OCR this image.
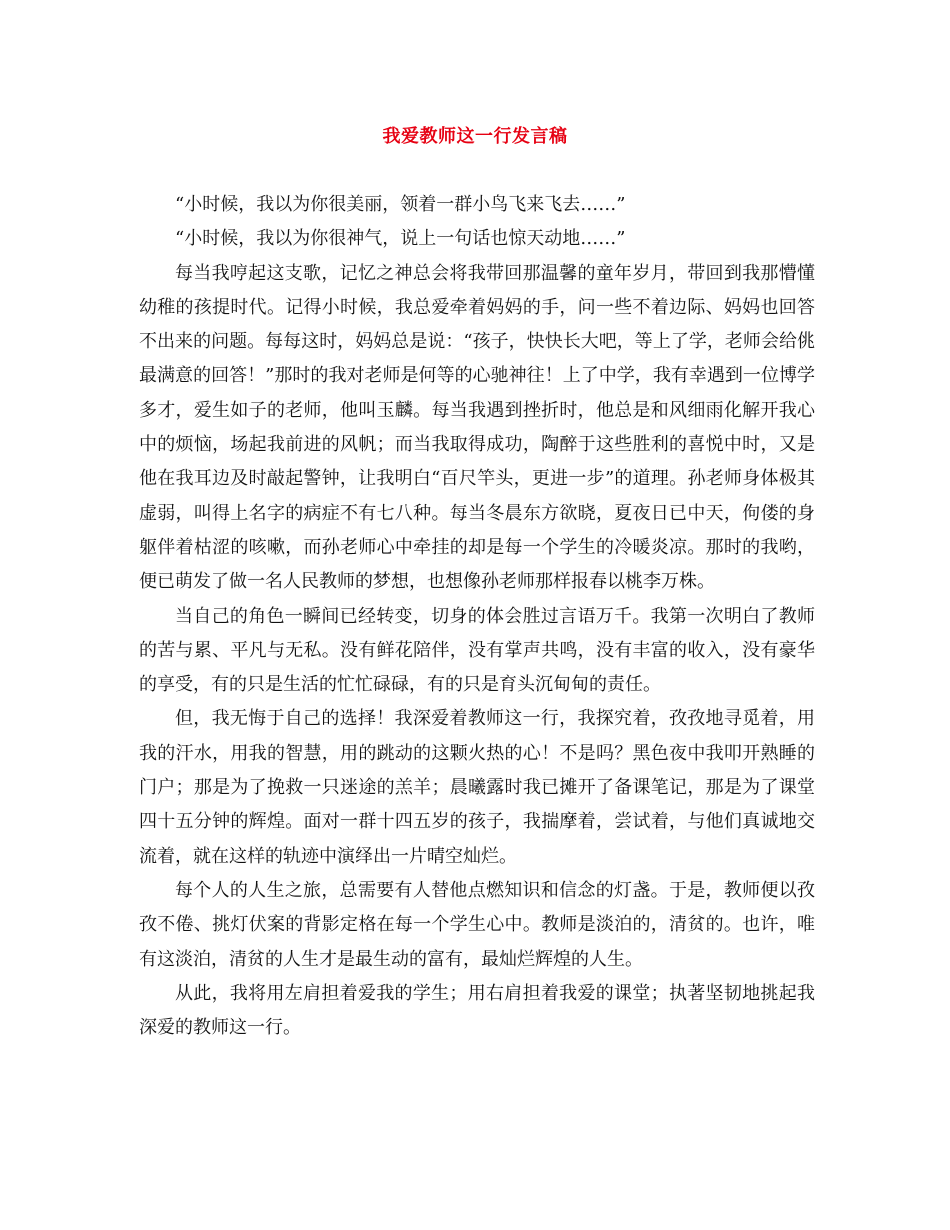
我爱教师这一行发言稿

“小时候，我以为你很美丽，领着一群小鸟飞来飞去……”

“小时候，我以为你很神气，说上一句话也惊天动地……”

每当我哼起这支歌，记忆之神总会将我带回那温馨的童年岁月，带回到我那懵懂幼稚的孩提时代。记得小时候，我总爱牵着妈妈的手，问一些不着边际、妈妈也回答不出来的问题。每每这时，妈妈总是说：“孩子，快快长大吧，等上了学，老师会给佻最满意的回答！”那时的我对老师是何等的心驰神往！上了中学，我有幸遇到一位博学多才，爱生如子的老师，他叫玉麟。每当我遇到挫折时，他总是和风细雨化解开我心中的烦恼，场起我前进的风帆；而当我取得成功，陶醉于这些胜利的喜悦中时，又是他在我耳边及时敲起警钟，让我明白“百尺竿头，更进一步”的道理。孙老师身体极其虚弱，叫得上名字的病症不有七八种。每当冬晨东方欲晓，夏夜日已中天，佝偻的身躯伴着枯涩的咳嗽，而孙老师心中牵挂的却是每一个学生的冷暖炎凉。那时的我哟，便已萌发了做一名人民教师的梦想，也想像孙老师那样报春以桃李万株。

当自己的角色一瞬间已经转变，切身的体会胜过言语万千。我第一次明白了教师的苦与累、平凡与无私。没有鲜花陪伴，没有掌声共鸣，没有丰富的收入，没有豪华的享受，有的只是生活的忙忙碌碌，有的只是育头沉甸甸的责任。

但，我无悔于自己的选择！我深爱着教师这一行，我探究着，孜孜地寻觅着，用我的汗水，用我的智慧，用的跳动的这颗火热的心！不是吗？黑色夜中我叩开熟睡的门户；那是为了挽救一只迷途的羔羊；晨曦露时我已摊开了备课笔记，那是为了课堂四十五分钟的辉煌。面对一群十四五岁的孩子，我揣摩着，尝试着，与他们真诚地交流着，就在这样的轨迹中演绎出一片晴空灿烂。

每个人的人生之旅，总需要有人替他点燃知识和信念的灯盏。于是，教师便以孜孜不倦、挑灯伏案的背影定格在每一个学生心中。教师是淡泊的，清贫的。也许，唯有这淡泊，清贫的人生才是最生动的富有，最灿烂辉煌的人生。

从此，我将用左肩担着爱我的学生；用右肩担着我爱的课堂；执著坚韧地挑起我深爱的教师这一行。
